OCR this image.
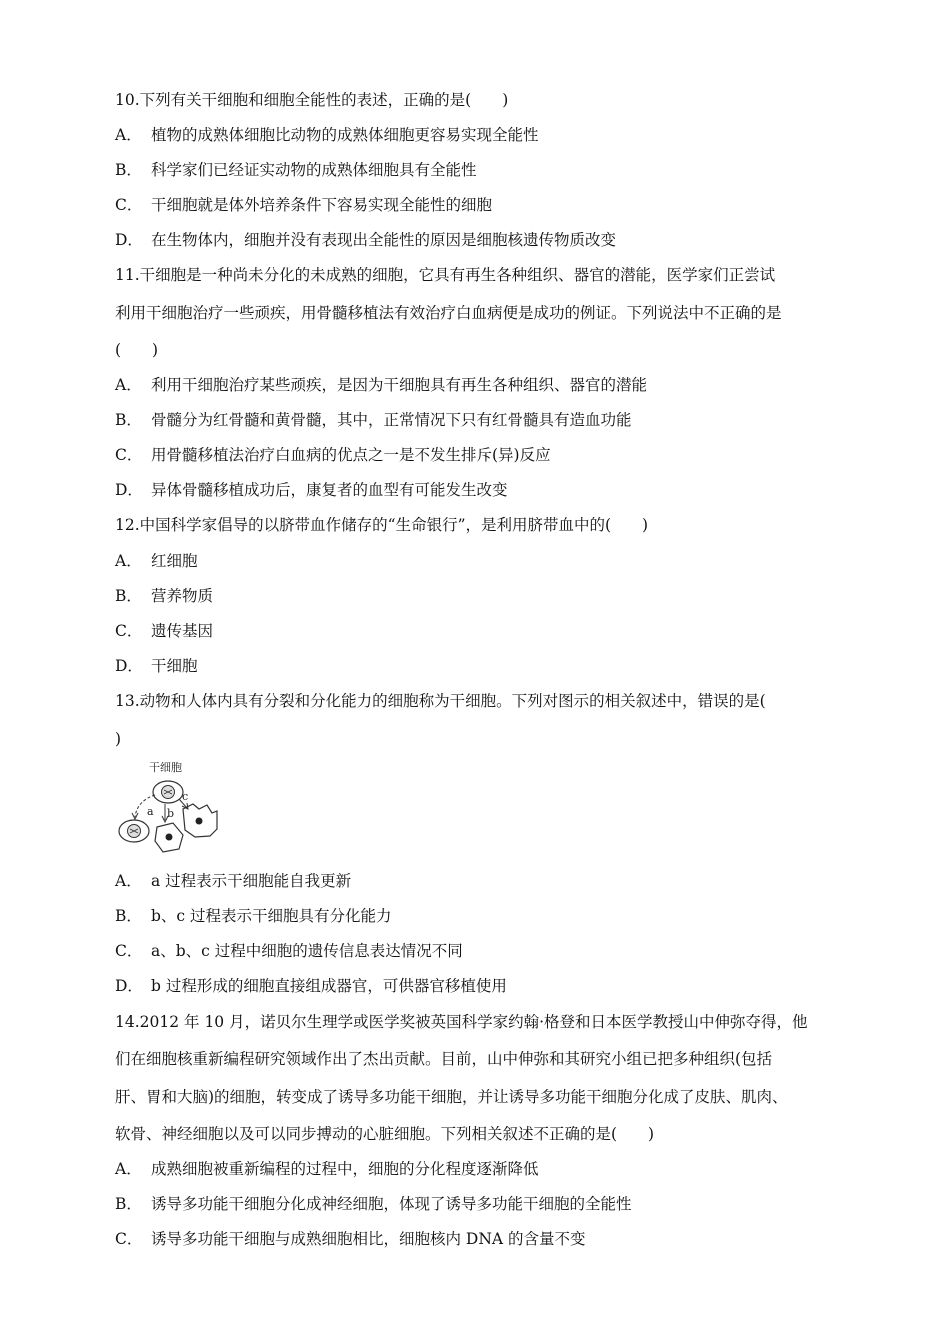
10.下列有关干细胞和细胞全能性的表述，正确的是(　　)
A． 植物的成熟体细胞比动物的成熟体细胞更容易实现全能性
B． 科学家们已经证实动物的成熟体细胞具有全能性
C． 干细胞就是体外培养条件下容易实现全能性的细胞
D． 在生物体内，细胞并没有表现出全能性的原因是细胞核遗传物质改变
11.干细胞是一种尚未分化的未成熟的细胞，它具有再生各种组织、器官的潜能，医学家们正尝试
利用干细胞治疗一些顽疾，用骨髓移植法有效治疗白血病便是成功的例证。下列说法中不正确的是
(　　)
A． 利用干细胞治疗某些顽疾，是因为干细胞具有再生各种组织、器官的潜能
B． 骨髓分为红骨髓和黄骨髓，其中，正常情况下只有红骨髓具有造血功能
C． 用骨髓移植法治疗白血病的优点之一是不发生排斥(异)反应
D． 异体骨髓移植成功后，康复者的血型有可能发生改变
12.中国科学家倡导的以脐带血作储存的“生命银行”，是利用脐带血中的(　　)
A． 红细胞
B． 营养物质
C． 遗传基因
D． 干细胞
13.动物和人体内具有分裂和分化能力的细胞称为干细胞。下列对图示的相关叙述中，错误的是(
)
干细胞
a b
c
A． a 过程表示干细胞能自我更新
B． b、c 过程表示干细胞具有分化能力
C． a、b、c 过程中细胞的遗传信息表达情况不同
D． b 过程形成的细胞直接组成器官，可供器官移植使用
14.2012 年 10 月，诺贝尔生理学或医学奖被英国科学家约翰·格登和日本医学教授山中伸弥夺得，他
们在细胞核重新编程研究领域作出了杰出贡献。目前，山中伸弥和其研究小组已把多种组织(包括
肝、胃和大脑)的细胞，转变成了诱导多功能干细胞，并让诱导多功能干细胞分化成了皮肤、肌肉、
软骨、神经细胞以及可以同步搏动的心脏细胞。下列相关叙述不正确的是(　　)
A． 成熟细胞被重新编程的过程中，细胞的分化程度逐渐降低
B． 诱导多功能干细胞分化成神经细胞，体现了诱导多功能干细胞的全能性
C． 诱导多功能干细胞与成熟细胞相比，细胞核内 DNA 的含量不变
